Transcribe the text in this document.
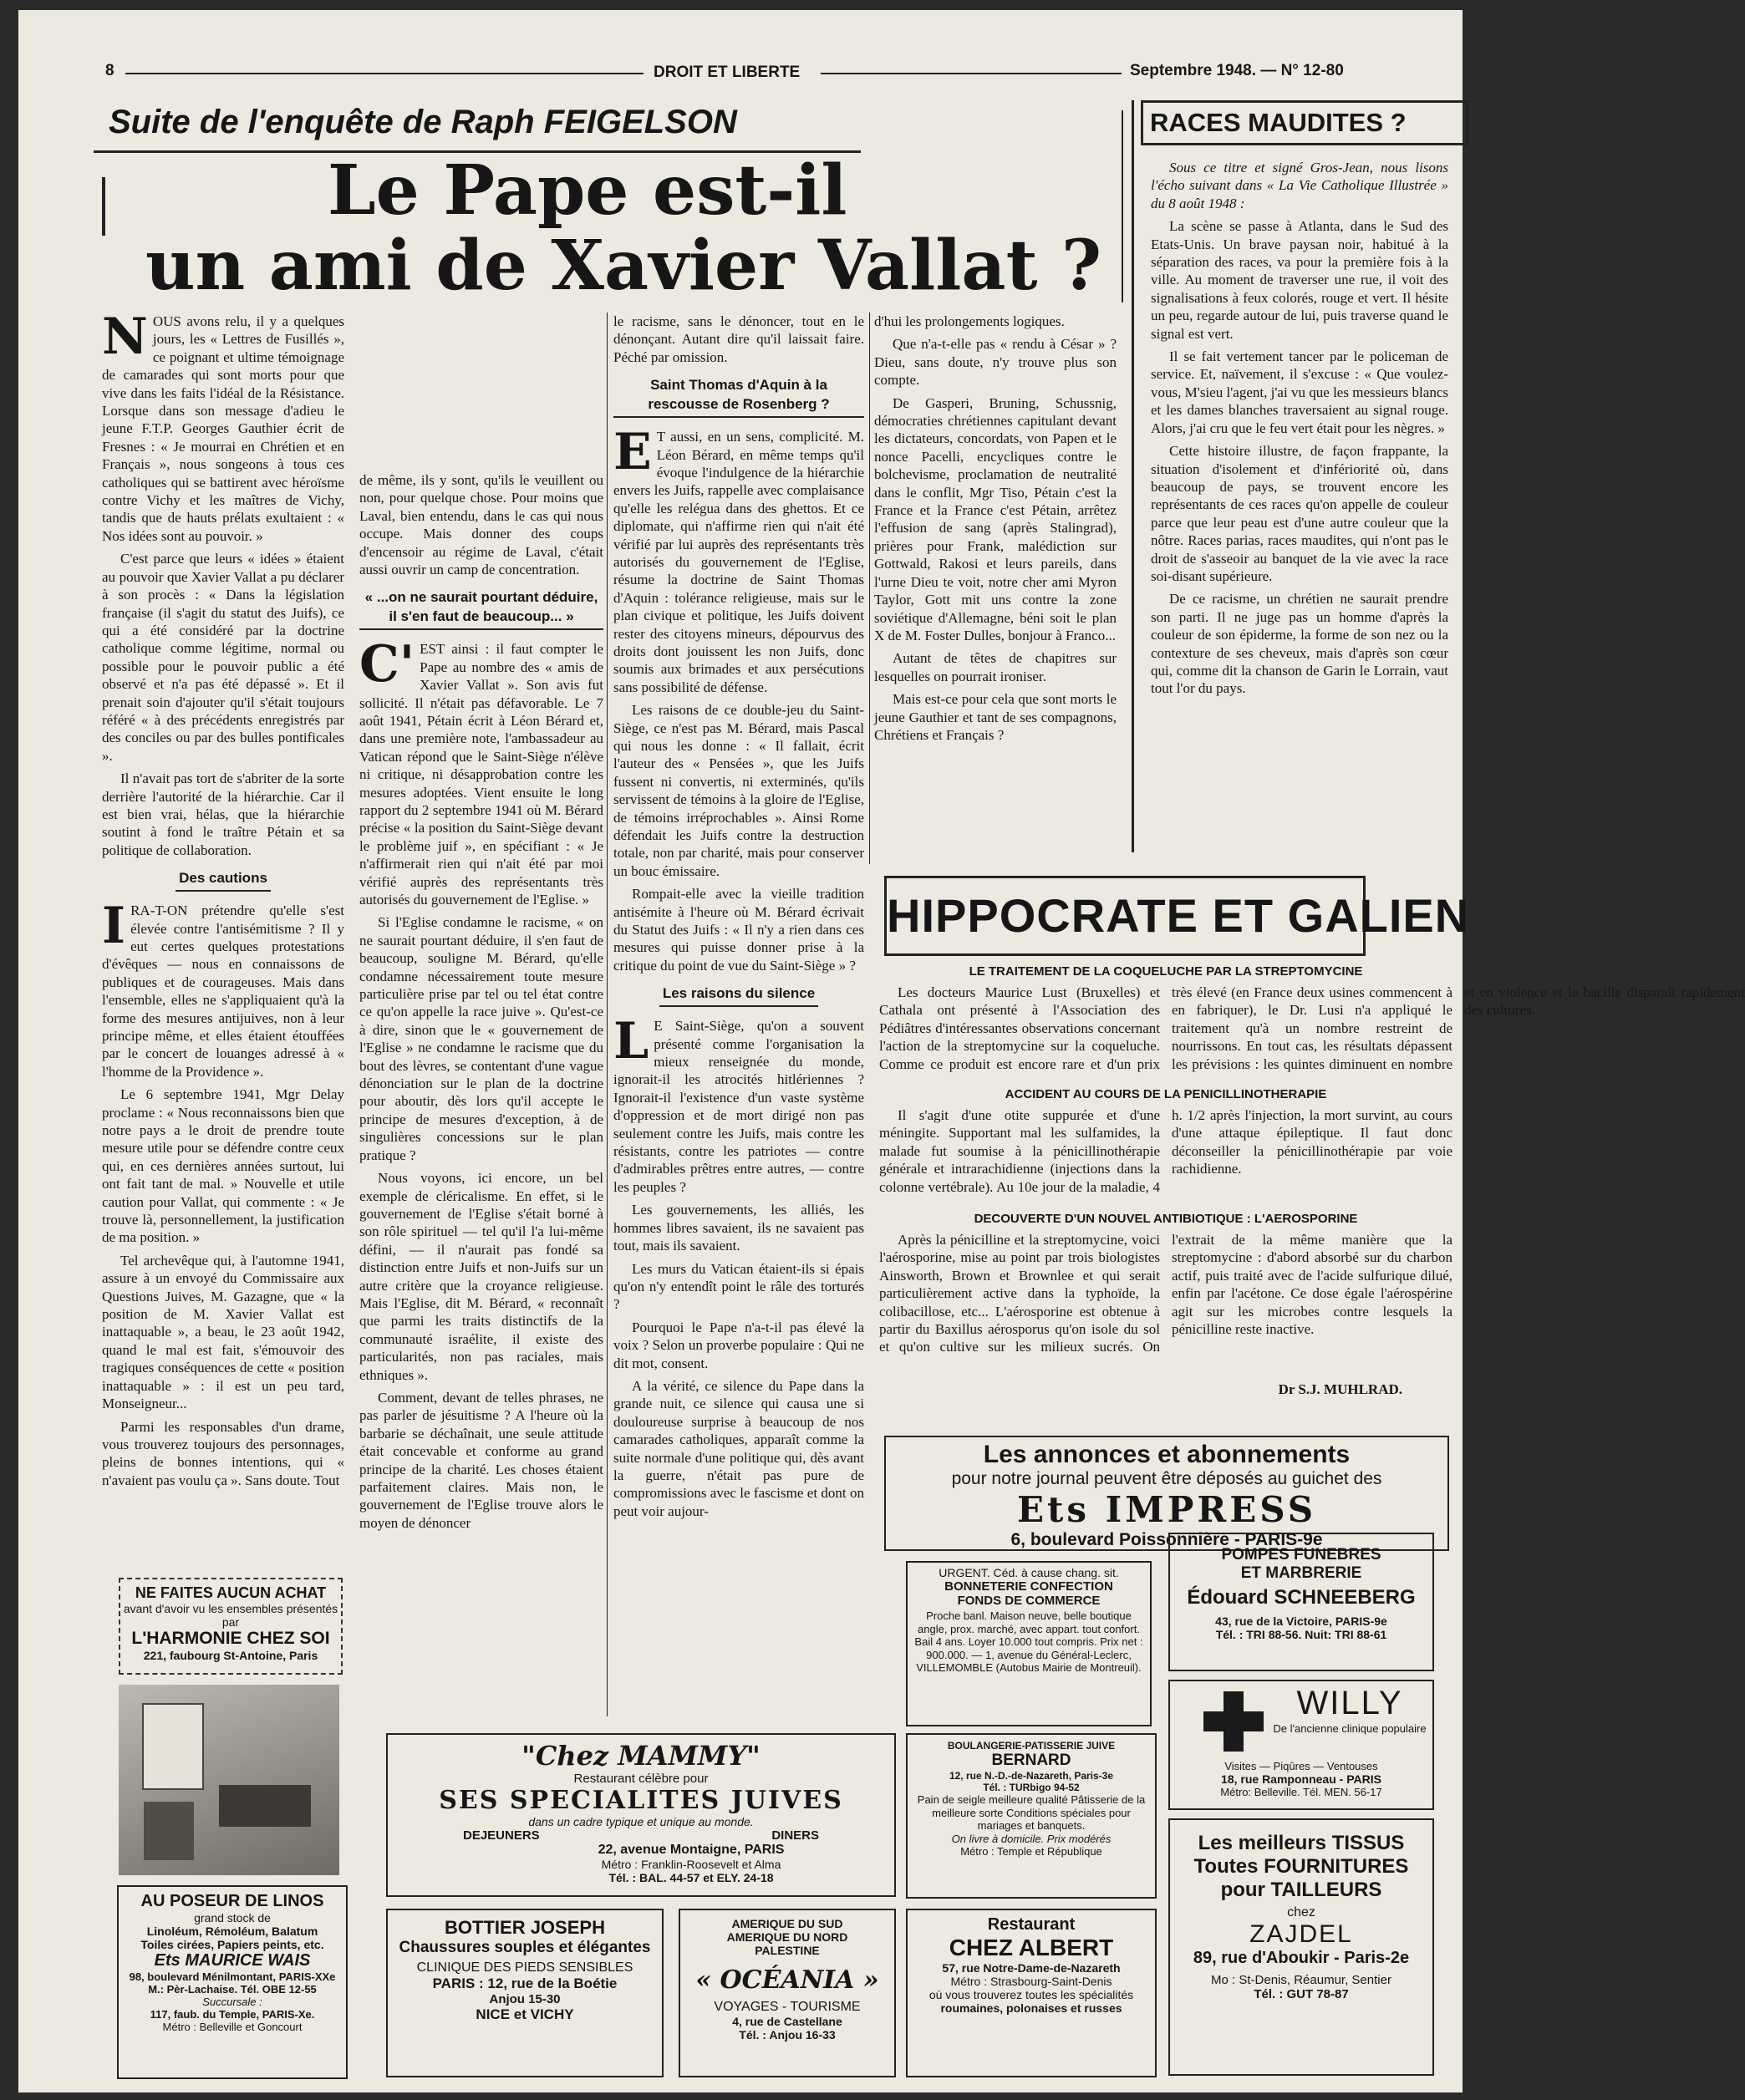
8	DROIT ET LIBERTE	Septembre 1948. — N° 12-80
Suite de l'enquête de Raph FEIGELSON
Le Pape est-il
un ami de Xavier Vallat ?

NOUS avons relu, il y a quelques jours, les « Lettres de Fusillés », ce poignant et ultime témoignage de camarades qui sont morts pour que vive dans les faits l'idéal de la Résistance. Lorsque dans son message d'adieu le jeune F.T.P. Georges Gauthier écrit de Fresnes : « Je mourrai en Chrétien et en Français », nous songeons à tous ces catholiques qui se battirent avec héroïsme contre Vichy et les maîtres de Vichy, tandis que de hauts prélats exultaient : « Nos idées sont au pouvoir. »

C'est parce que leurs « idées » étaient au pouvoir que Xavier Vallat a pu déclarer à son procès : « Dans la législation française (il s'agit du statut des Juifs), ce qui a été considéré par la doctrine catholique comme légitime, normal ou possible pour le pouvoir public a été observé et n'a pas été dépassé ». Et il prenait soin d'ajouter qu'il s'était toujours référé « à des précédents enregistrés par des conciles ou par des bulles pontificales ».

Il n'avait pas tort de s'abriter de la sorte derrière l'autorité de la hiérarchie. Car il est bien vrai, hélas, que la hiérarchie soutint à fond le traître Pétain et sa politique de collaboration.

Des cautions

IRA-T-ON prétendre qu'elle s'est élevée contre l'antisémitisme ? Il y eut certes quelques protestations d'évêques — nous en connaissons de publiques et de courageuses. Mais dans l'ensemble, elles ne s'appliquaient qu'à la forme des mesures antijuives, non à leur principe même, et elles étaient étouffées par le concert de louanges adressé à « l'homme de la Providence ».

Le 6 septembre 1941, Mgr Delay proclame : « Nous reconnaissons bien que notre pays a le droit de prendre toute mesure utile pour se défendre contre ceux qui, en ces dernières années surtout, lui ont fait tant de mal. » Nouvelle et utile caution pour Vallat, qui commente : « Je trouve là, personnellement, la justification de ma position. »

Tel archevêque qui, à l'automne 1941, assure à un envoyé du Commissaire aux Questions Juives, M. Gazagne, que « la position de M. Xavier Vallat est inattaquable », a beau, le 23 août 1942, quand le mal est fait, s'émouvoir des tragiques conséquences de cette « position inattaquable » : il est un peu tard, Monseigneur...

Parmi les responsables d'un drame, vous trouverez toujours des personnages, pleins de bonnes intentions, qui « n'avaient pas voulu ça ». Sans doute. Tout

de même, ils y sont, qu'ils le veuillent ou non, pour quelque chose. Pour moins que Laval, bien entendu, dans le cas qui nous occupe. Mais donner des coups d'encensoir au régime de Laval, c'était aussi ouvrir un camp de concentration.

« ...on ne saurait pourtant déduire, il s'en faut de beaucoup... »

C'EST ainsi : il faut compter le Pape au nombre des « amis de Xavier Vallat ». Son avis fut sollicité. Il n'était pas défavorable. Le 7 août 1941, Pétain écrit à Léon Bérard et, dans une première note, l'ambassadeur au Vatican répond que le Saint-Siège n'élève ni critique, ni désapprobation contre les mesures adoptées. Vient ensuite le long rapport du 2 septembre 1941 où M. Bérard précise « la position du Saint-Siège devant le problème juif », en spécifiant : « Je n'affirmerait rien qui n'ait été par moi vérifié auprès des représentants très autorisés du gouvernement de l'Eglise. »

Si l'Eglise condamne le racisme, « on ne saurait pourtant déduire, il s'en faut de beaucoup, souligne M. Bérard, qu'elle condamne nécessairement toute mesure particulière prise par tel ou tel état contre ce qu'on appelle la race juive ». Qu'est-ce à dire, sinon que le « gouvernement de l'Eglise » ne condamne le racisme que du bout des lèvres, se contentant d'une vague dénonciation sur le plan de la doctrine pour aboutir, dès lors qu'il accepte le principe de mesures d'exception, à de singulières concessions sur le plan pratique ?

Nous voyons, ici encore, un bel exemple de cléricalisme. En effet, si le gouvernement de l'Eglise s'était borné à son rôle spirituel — tel qu'il l'a lui-même défini, — il n'aurait pas fondé sa distinction entre Juifs et non-Juifs sur un autre critère que la croyance religieuse. Mais l'Eglise, dit M. Bérard, « reconnaît que parmi les traits distinctifs de la communauté israélite, il existe des particularités, non pas raciales, mais ethniques ».

Comment, devant de telles phrases, ne pas parler de jésuitisme ? A l'heure où la barbarie se déchaînait, une seule attitude était concevable et conforme au grand principe de la charité. Les choses étaient parfaitement claires. Mais non, le gouvernement de l'Eglise trouve alors le moyen de dénoncer

le racisme, sans le dénoncer, tout en le dénonçant. Autant dire qu'il laissait faire. Péché par omission.

Saint Thomas d'Aquin à la rescousse de Rosenberg ?

ET aussi, en un sens, complicité. M. Léon Bérard, en même temps qu'il évoque l'indulgence de la hiérarchie envers les Juifs, rappelle avec complaisance qu'elle les relégua dans des ghettos. Et ce diplomate, qui n'affirme rien qui n'ait été vérifié par lui auprès des représentants très autorisés du gouvernement de l'Eglise, résume la doctrine de Saint Thomas d'Aquin : tolérance religieuse, mais sur le plan civique et politique, les Juifs doivent rester des citoyens mineurs, dépourvus des droits dont jouissent les non Juifs, donc soumis aux brimades et aux persécutions sans possibilité de défense.

Les raisons de ce double-jeu du Saint-Siège, ce n'est pas M. Bérard, mais Pascal qui nous les donne : « Il fallait, écrit l'auteur des « Pensées », que les Juifs fussent ni convertis, ni exterminés, qu'ils servissent de témoins à la gloire de l'Eglise, de témoins irréprochables ». Ainsi Rome défendait les Juifs contre la destruction totale, non par charité, mais pour conserver un bouc émissaire.

Rompait-elle avec la vieille tradition antisémite à l'heure où M. Bérard écrivait du Statut des Juifs : « Il n'y a rien dans ces mesures qui puisse donner prise à la critique du point de vue du Saint-Siège » ?

Les raisons du silence

LE Saint-Siège, qu'on a souvent présenté comme l'organisation la mieux renseignée du monde, ignorait-il les atrocités hitlériennes ? Ignorait-il l'existence d'un vaste système d'oppression et de mort dirigé non pas seulement contre les Juifs, mais contre les résistants, contre les patriotes — contre d'admirables prêtres entre autres, — contre les peuples ?

Les gouvernements, les alliés, les hommes libres savaient, ils ne savaient pas tout, mais ils savaient.

Les murs du Vatican étaient-ils si épais qu'on n'y entendît point le râle des torturés ?

Pourquoi le Pape n'a-t-il pas élevé la voix ? Selon un proverbe populaire : Qui ne dit mot, consent.

A la vérité, ce silence du Pape dans la grande nuit, ce silence qui causa une si douloureuse surprise à beaucoup de nos camarades catholiques, apparaît comme la suite normale d'une politique qui, dès avant la guerre, n'était pas pure de compromissions avec le fascisme et dont on peut voir aujour-

d'hui les prolongements logiques.

Que n'a-t-elle pas « rendu à César » ? Dieu, sans doute, n'y trouve plus son compte.

De Gasperi, Bruning, Schussnig, démocraties chrétiennes capitulant devant les dictateurs, concordats, von Papen et le nonce Pacelli, encycliques contre le bolchevisme, proclamation de neutralité dans le conflit, Mgr Tiso, Pétain c'est la France et la France c'est Pétain, arrêtez l'effusion de sang (après Stalingrad), prières pour Frank, malédiction sur Gottwald, Rakosi et leurs pareils, dans l'urne Dieu te voit, notre cher ami Myron Taylor, Gott mit uns contre la zone soviétique d'Allemagne, béni soit le plan X de M. Foster Dulles, bonjour à Franco...

Autant de têtes de chapitres sur lesquelles on pourrait ironiser.

Mais est-ce pour cela que sont morts le jeune Gauthier et tant de ses compagnons, Chrétiens et Français ?

RACES MAUDITES ?

Sous ce titre et signé Gros-Jean, nous lisons l'écho suivant dans « La Vie Catholique Illustrée » du 8 août 1948 :

La scène se passe à Atlanta, dans le Sud des Etats-Unis. Un brave paysan noir, habitué à la séparation des races, va pour la première fois à la ville. Au moment de traverser une rue, il voit des signalisations à feux colorés, rouge et vert. Il hésite un peu, regarde autour de lui, puis traverse quand le signal est vert.

Il se fait vertement tancer par le policeman de service. Et, naïvement, il s'excuse : « Que voulez-vous, M'sieu l'agent, j'ai vu que les messieurs blancs et les dames blanches traversaient au signal rouge. Alors, j'ai cru que le feu vert était pour les nègres. »

Cette histoire illustre, de façon frappante, la situation d'isolement et d'infériorité où, dans beaucoup de pays, se trouvent encore les représentants de ces races qu'on appelle de couleur parce que leur peau est d'une autre couleur que la nôtre. Races parias, races maudites, qui n'ont pas le droit de s'asseoir au banquet de la vie avec la race soi-disant supérieure.

De ce racisme, un chrétien ne saurait prendre son parti. Il ne juge pas un homme d'après la couleur de son épiderme, la forme de son nez ou la contexture de ses cheveux, mais d'après son cœur qui, comme dit la chanson de Garin le Lorrain, vaut tout l'or du pays.

HIPPOCRATE ET GALIEN
LE TRAITEMENT DE LA COQUELUCHE PAR LA STREPTOMYCINE

Les docteurs Maurice Lust (Bruxelles) et Cathala ont présenté à l'Association des Pédiâtres d'intéressantes observations concernant l'action de la streptomycine sur la coqueluche. Comme ce produit est encore rare et d'un prix très élevé (en France deux usines commencent à en fabriquer), le Dr. Lusi n'a appliqué le traitement qu'à un nombre restreint de nourrissons. En tout cas, les résultats dépassent les prévisions : les quintes diminuent en nombre et en violence et le bacille disparaît rapidement des cultures.

ACCIDENT AU COURS DE LA PENICILLINOTHERAPIE

Il s'agit d'une otite suppurée et d'une méningite. Supportant mal les sulfamides, la malade fut soumise à la pénicillinothérapie générale et intrarachidienne (injections dans la colonne vertébrale). Au 10e jour de la maladie, 4 h. 1/2 après l'injection, la mort survint, au cours d'une attaque épileptique. Il faut donc déconseiller la pénicillinothérapie par voie rachidienne.

DECOUVERTE D'UN NOUVEL ANTIBIOTIQUE : L'AEROSPORINE

Après la pénicilline et la streptomycine, voici l'aérosporine, mise au point par trois biologistes Ainsworth, Brown et Brownlee et qui serait particulièrement active dans la typhoïde, la colibacillose, etc... L'aérosporine est obtenue à partir du Baxillus aérosporus qu'on isole du sol et qu'on cultive sur les milieux sucrés. On l'extrait de la même manière que la streptomycine : d'abord absorbé sur du charbon actif, puis traité avec de l'acide sulfurique dilué, enfin par l'acétone. Ce dose égale l'aérospérine agit sur les microbes contre lesquels la pénicilline reste inactive.

Dr S.J. MUHLRAD.
Les annonces et abonnements
pour notre journal peuvent être déposés au guichet des
Ets IMPRESS
6, boulevard Poissonnière - PARIS-9e
NE FAITES AUCUN ACHAT
avant d'avoir vu les ensembles présentés par
L'HARMONIE CHEZ SOI
221, faubourg St-Antoine, Paris
AU POSEUR DE LINOS
grand stock de
Linoléum, Rémoléum, Balatum
Toiles cirées, Papiers peints, etc.
Ets MAURICE WAIS
98, boulevard Ménilmontant, PARIS-XXe
M.: Pèr-Lachaise. Tél. OBE 12-55
Succursale :
117, faub. du Temple, PARIS-Xe.
Métro : Belleville et Goncourt
"Chez MAMMY"
Restaurant célèbre pour
SES SPECIALITES JUIVES
dans un cadre typique et unique au monde.
DEJEUNERS	DINERS
22, avenue Montaigne, PARIS
Métro : Franklin-Roosevelt et Alma
Tél. : BAL. 44-57 et ELY. 24-18
BOTTIER JOSEPH
Chaussures souples et élégantes
CLINIQUE DES PIEDS SENSIBLES
PARIS : 12, rue de la Boétie
Anjou 15-30
NICE et VICHY
AMERIQUE DU SUD
AMERIQUE DU NORD
PALESTINE
« OCÉANIA »
VOYAGES - TOURISME
4, rue de Castellane
Tél. : Anjou 16-33
URGENT. Céd. à cause chang. sit.
BONNETERIE CONFECTION
FONDS DE COMMERCE
Proche banl. Maison neuve, belle boutique angle, prox. marché, avec appart. tout confort. Bail 4 ans. Loyer 10.000 tout compris. Prix net : 900.000. — 1, avenue du Général-Leclerc, VILLEMOMBLE (Autobus Mairie de Montreuil).
BOULANGERIE-PATISSERIE JUIVE
BERNARD
12, rue N.-D.-de-Nazareth, Paris-3e
Tél. : TURbigo 94-52
Pain de seigle meilleure qualité Pâtisserie de la meilleure sorte Conditions spéciales pour mariages et banquets.
On livre à domicile. Prix modérés
Métro : Temple et République
Restaurant
CHEZ ALBERT
57, rue Notre-Dame-de-Nazareth
Métro : Strasbourg-Saint-Denis
où vous trouverez toutes les spécialités
roumaines, polonaises et russes
POMPES FUNEBRES
ET MARBRERIE
Édouard SCHNEEBERG
43, rue de la Victoire, PARIS-9e
Tél. : TRI 88-56. Nuit: TRI 88-61
WILLY
De l'ancienne clinique populaire
Visites — Piqûres — Ventouses
18, rue Ramponneau - PARIS
Métro: Belleville. Tél. MEN. 56-17
Les meilleurs TISSUS
Toutes FOURNITURES
pour TAILLEURS
chez
ZAJDEL
89, rue d'Aboukir - Paris-2e
Mo : St-Denis, Réaumur, Sentier
Tél. : GUT 78-87
